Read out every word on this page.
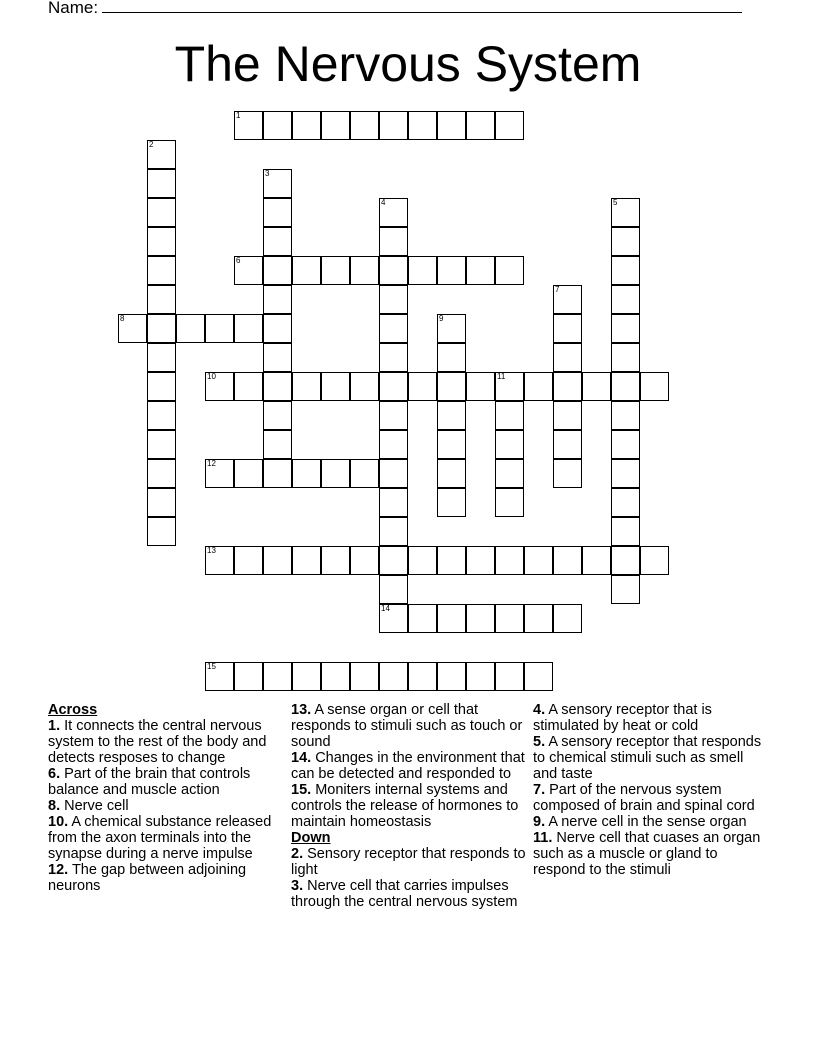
Name:
The Nervous System
1
2
3
4
14
5
6
7
8	9
10	11
12
13
15
Across
1. It connects the central nervous system to the rest of the body and detects resposes to change
6. Part of the brain that controls balance and muscle action
8. Nerve cell
10. A chemical substance released from the axon terminals into the synapse during a nerve impulse
12. The gap between adjoining neurons
13. A sense organ or cell that responds to stimuli such as touch or sound
14. Changes in the environment that can be detected and responded to
15. Moniters internal systems and controls the release of hormones to maintain homeostasis
Down
2. Sensory receptor that responds to light
3. Nerve cell that carries impulses through the central nervous system
4. A sensory receptor that is stimulated by heat or cold
5. A sensory receptor that responds to chemical stimuli such as smell and taste
7. Part of the nervous system composed of brain and spinal cord
9. A nerve cell in the sense organ
11. Nerve cell that cuases an organ such as a muscle or gland to respond to the stimuli
